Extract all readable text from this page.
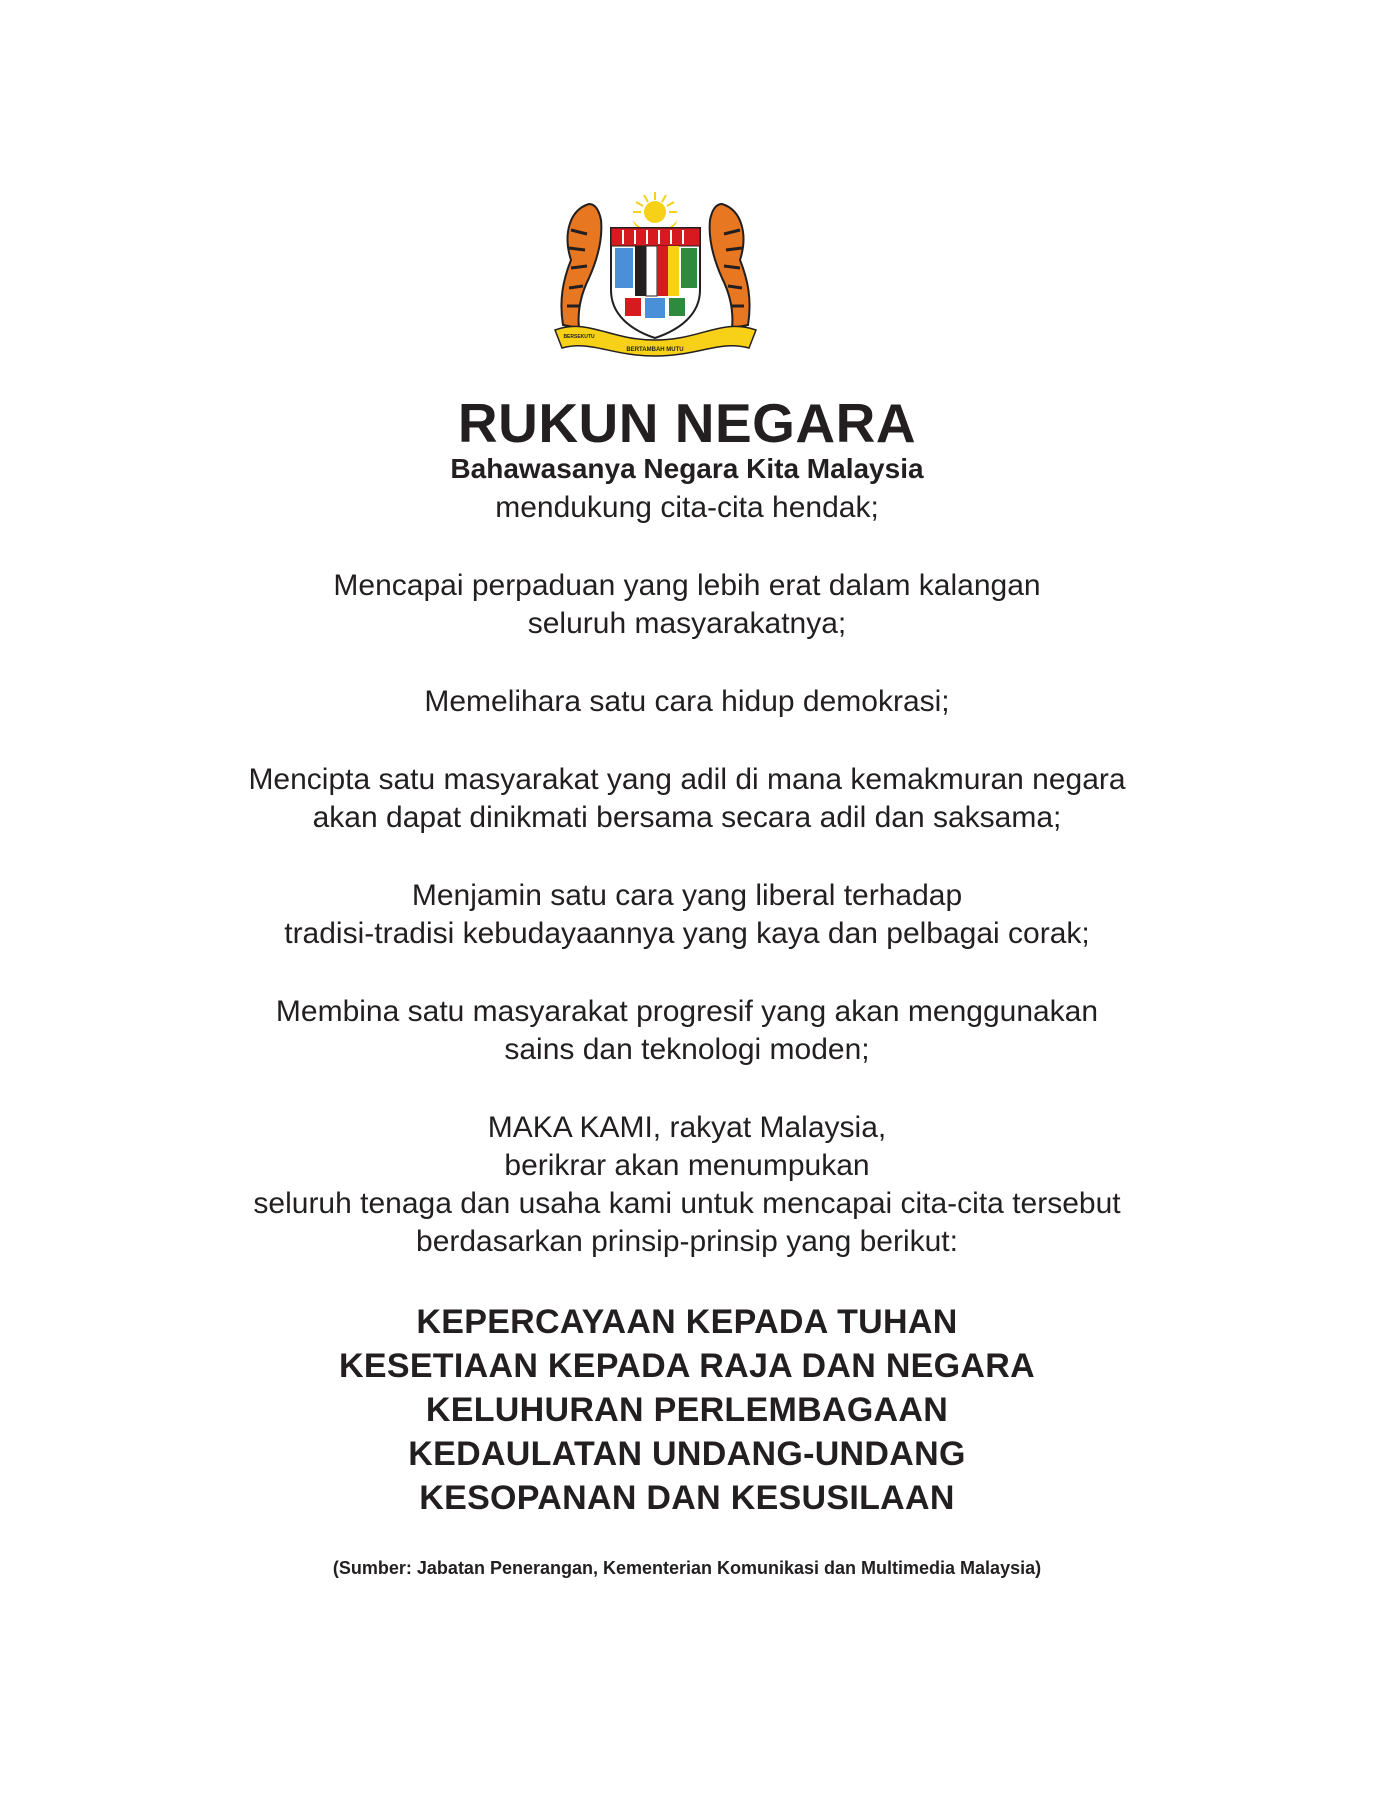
BERTAMBAH MUTU
BERSEKUTU
RUKUN NEGARA
Bahawasanya Negara Kita Malaysia
mendukung cita-cita hendak;
Mencapai perpaduan yang lebih erat dalam kalangan
seluruh masyarakatnya;
Memelihara satu cara hidup demokrasi;
Mencipta satu masyarakat yang adil di mana kemakmuran negara
akan dapat dinikmati bersama secara adil dan saksama;
Menjamin satu cara yang liberal terhadap
tradisi-tradisi kebudayaannya yang kaya dan pelbagai corak;
Membina satu masyarakat progresif yang akan menggunakan
sains dan teknologi moden;
MAKA KAMI, rakyat Malaysia,
berikrar akan menumpukan
seluruh tenaga dan usaha kami untuk mencapai cita-cita tersebut
berdasarkan prinsip-prinsip yang berikut:
KEPERCAYAAN KEPADA TUHAN
KESETIAAN KEPADA RAJA DAN NEGARA
KELUHURAN PERLEMBAGAAN
KEDAULATAN UNDANG-UNDANG
KESOPANAN DAN KESUSILAAN
(Sumber: Jabatan Penerangan, Kementerian Komunikasi dan Multimedia Malaysia)
